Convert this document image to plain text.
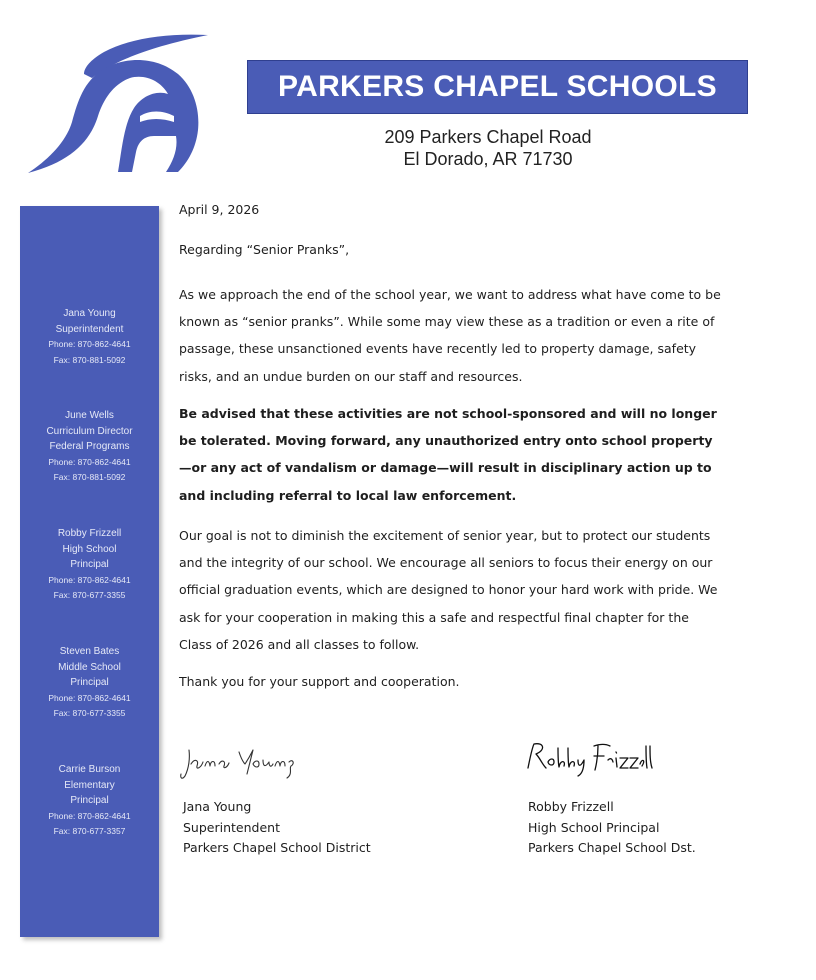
PARKERS CHAPEL SCHOOLS
209 Parkers Chapel Road
El Dorado, AR 71730
Jana Young
Superintendent
Phone: 870-862-4641
Fax: 870-881-5092
June Wells
Curriculum Director
Federal Programs
Phone: 870-862-4641
Fax: 870-881-5092
Robby Frizzell
High School
Principal
Phone: 870-862-4641
Fax: 870-677-3355
Steven Bates
Middle School
Principal
Phone: 870-862-4641
Fax: 870-677-3355
Carrie Burson
Elementary
Principal
Phone: 870-862-4641
Fax: 870-677-3357

April 9, 2026

Regarding “Senior Pranks”,

As we approach the end of the school year, we want to address what have come to be known as “senior pranks”. While some may view these as a tradition or even a rite of passage, these unsanctioned events have recently led to property damage, safety risks, and an undue burden on our staff and resources.

Be advised that these activities are not school-sponsored and will no longer be tolerated. Moving forward, any unauthorized entry onto school property—or any act of vandalism or damage—will result in disciplinary action up to and including referral to local law enforcement.

Our goal is not to diminish the excitement of senior year, but to protect our students and the integrity of our school. We encourage all seniors to focus their energy on our official graduation events, which are designed to honor your hard work with pride. We ask for your cooperation in making this a safe and respectful final chapter for the Class of 2026 and all classes to follow.

Thank you for your support and cooperation.

Jana Young
Superintendent
Parkers Chapel School District
Robby Frizzell
High School Principal
Parkers Chapel School Dst.
